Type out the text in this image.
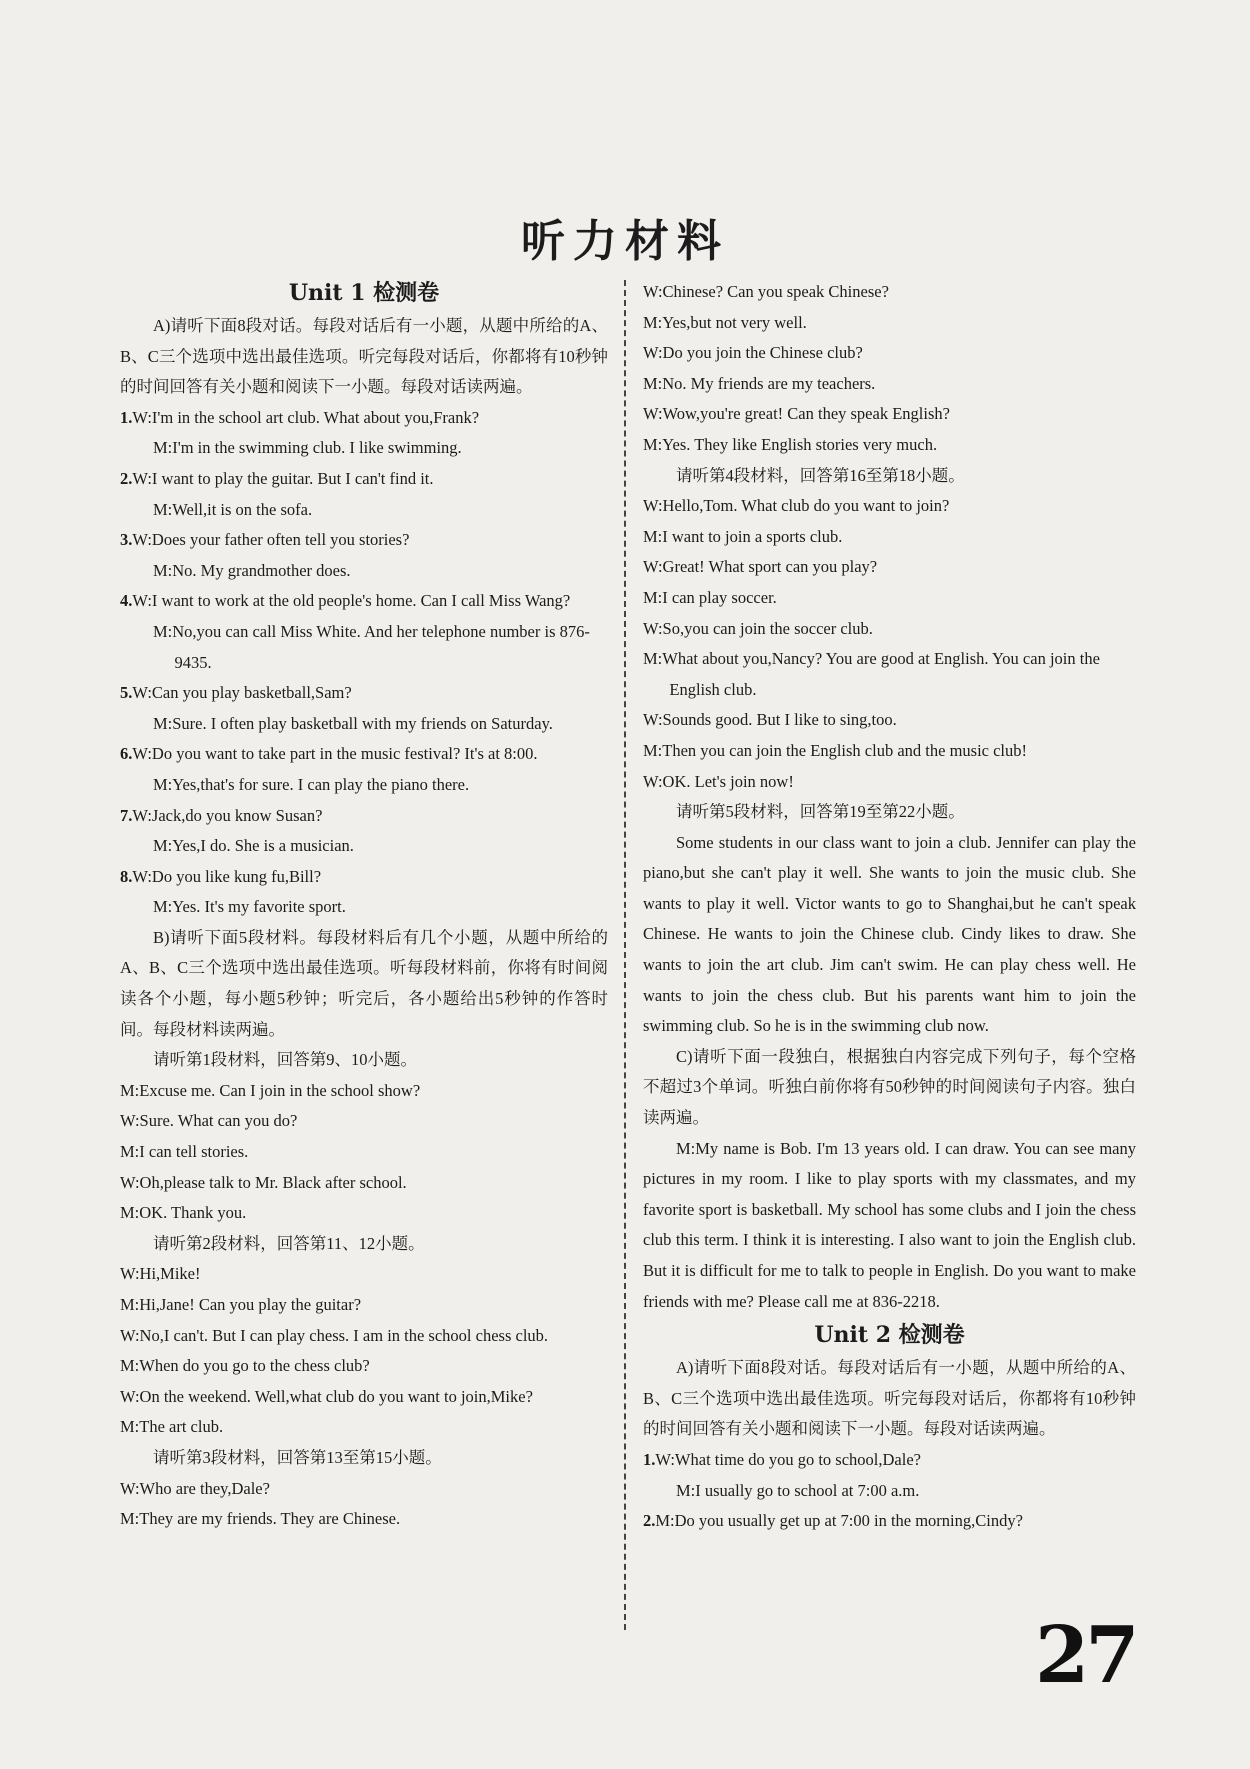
听力材料
Unit 1 检测卷
A)请听下面8段对话。每段对话后有一小题，从题中所给的A、B、C三个选项中选出最佳选项。听完每段对话后，你都将有10秒钟的时间回答有关小题和阅读下一小题。每段对话读两遍。
1.W:I'm in the school art club. What about you,Frank?
M:I'm in the swimming club. I like swimming.
2.W:I want to play the guitar. But I can't find it.
M:Well,it is on the sofa.
3.W:Does your father often tell you stories?
M:No. My grandmother does.
4.W:I want to work at the old people's home. Can I call Miss Wang?
M:No,you can call Miss White. And her telephone number is 876-9435.
5.W:Can you play basketball,Sam?
M:Sure. I often play basketball with my friends on Saturday.
6.W:Do you want to take part in the music festival? It's at 8:00.
M:Yes,that's for sure. I can play the piano there.
7.W:Jack,do you know Susan?
M:Yes,I do. She is a musician.
8.W:Do you like kung fu,Bill?
M:Yes. It's my favorite sport.
B)请听下面5段材料。每段材料后有几个小题，从题中所给的A、B、C三个选项中选出最佳选项。听每段材料前，你将有时间阅读各个小题，每小题5秒钟；听完后，各小题给出5秒钟的作答时间。每段材料读两遍。
请听第1段材料，回答第9、10小题。
M:Excuse me. Can I join in the school show?
W:Sure. What can you do?
M:I can tell stories.
W:Oh,please talk to Mr. Black after school.
M:OK. Thank you.
请听第2段材料，回答第11、12小题。
W:Hi,Mike!
M:Hi,Jane! Can you play the guitar?
W:No,I can't. But I can play chess. I am in the school chess club.
M:When do you go to the chess club?
W:On the weekend. Well,what club do you want to join,Mike?
M:The art club.
请听第3段材料，回答第13至第15小题。
W:Who are they,Dale?
M:They are my friends. They are Chinese.
W:Chinese? Can you speak Chinese?
M:Yes,but not very well.
W:Do you join the Chinese club?
M:No. My friends are my teachers.
W:Wow,you're great! Can they speak English?
M:Yes. They like English stories very much.
请听第4段材料，回答第16至第18小题。
W:Hello,Tom. What club do you want to join?
M:I want to join a sports club.
W:Great! What sport can you play?
M:I can play soccer.
W:So,you can join the soccer club.
M:What about you,Nancy? You are good at English. You can join the English club.
W:Sounds good. But I like to sing,too.
M:Then you can join the English club and the music club!
W:OK. Let's join now!
请听第5段材料，回答第19至第22小题。
Some students in our class want to join a club. Jennifer can play the piano,but she can't play it well. She wants to join the music club. She wants to play it well. Victor wants to go to Shanghai,but he can't speak Chinese. He wants to join the Chinese club. Cindy likes to draw. She wants to join the art club. Jim can't swim. He can play chess well. He wants to join the chess club. But his parents want him to join the swimming club. So he is in the swimming club now.
C)请听下面一段独白，根据独白内容完成下列句子，每个空格不超过3个单词。听独白前你将有50秒钟的时间阅读句子内容。独白读两遍。
M:My name is Bob. I'm 13 years old. I can draw. You can see many pictures in my room. I like to play sports with my classmates, and my favorite sport is basketball. My school has some clubs and I join the chess club this term. I think it is interesting. I also want to join the English club. But it is difficult for me to talk to people in English. Do you want to make friends with me? Please call me at 836-2218.
Unit 2 检测卷
A)请听下面8段对话。每段对话后有一小题，从题中所给的A、B、C三个选项中选出最佳选项。听完每段对话后，你都将有10秒钟的时间回答有关小题和阅读下一小题。每段对话读两遍。
1.W:What time do you go to school,Dale?
M:I usually go to school at 7:00 a.m.
2.M:Do you usually get up at 7:00 in the morning,Cindy?
27
